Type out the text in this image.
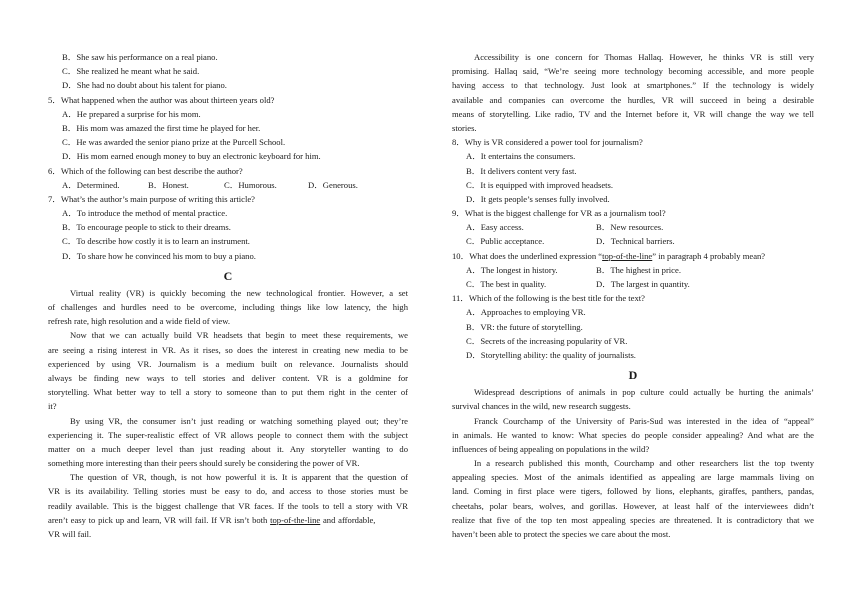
B．She saw his performance on a real piano.
C．She realized he meant what he said.
D．She had no doubt about his talent for piano.
5．What happened when the author was about thirteen years old?
A．He prepared a surprise for his mom.
B．His mom was amazed the first time he played for her.
C．He was awarded the senior piano prize at the Purcell School.
D．His mom earned enough money to buy an electronic keyboard for him.
6．Which of the following can best describe the author?
A．Determined.	B．Honest.	C．Humorous.	D．Generous.
7．What’s the author’s main purpose of writing this article?
A．To introduce the method of mental practice.
B．To encourage people to stick to their dreams.
C．To describe how costly it is to learn an instrument.
D．To share how he convinced his mom to buy a piano.
C
Virtual reality (VR) is quickly becoming the new technological frontier. However, a set
of challenges and hurdles need to be overcome, including things like low latency, the high
refresh rate, high resolution and a wide field of view.
Now that we can actually build VR headsets that begin to meet these requirements, we
are seeing a rising interest in VR. As it rises, so does the interest in creating new media to be
experienced by using VR. Journalism is a medium built on relevance. Journalists should
always be finding new ways to tell stories and deliver content. VR is a goldmine for
storytelling. What better way to tell a story to someone than to put them right in the center of
it?
By using VR, the consumer isn’t just reading or watching something played out; they’re
experiencing it. The super-realistic effect of VR allows people to connect them with the subject
matter on a much deeper level than just reading about it. Any storyteller wanting to do
something more interesting than their peers should surely be considering the power of VR.
The question of VR, though, is not how powerful it is. It is apparent that the question of
VR is its availability. Telling stories must be easy to do, and access to those stories must be
readily available. This is the biggest challenge that VR faces. If the tools to tell a story with VR
aren’t easy to pick up and learn, VR will fail. If VR isn’t both top-of-the-line and affordable,
VR will fail.
Accessibility is one concern for Thomas Hallaq. However, he thinks VR is still very
promising. Hallaq said, “We’re seeing more technology becoming accessible, and more people
having access to that technology. Just look at smartphones.” If the technology is widely
available and companies can overcome the hurdles, VR will succeed in being a desirable
means of storytelling. Like radio, TV and the Internet before it, VR will change the way we tell
stories.
8．Why is VR considered a power tool for journalism?
A．It entertains the consumers.
B．It delivers content very fast.
C．It is equipped with improved headsets.
D．It gets people’s senses fully involved.
9．What is the biggest challenge for VR as a journalism tool?
A．Easy access.	B．New resources.
C．Public acceptance.	D．Technical barriers.
10．What does the underlined expression “top-of-the-line” in paragraph 4 probably mean?
A．The longest in history.	B．The highest in price.
C．The best in quality.	D．The largest in quantity.
11．Which of the following is the best title for the text?
A．Approaches to employing VR.
B．VR: the future of storytelling.
C．Secrets of the increasing popularity of VR.
D．Storytelling ability: the quality of journalists.
D
Widespread descriptions of animals in pop culture could actually be hurting the animals’
survival chances in the wild, new research suggests.
Franck Courchamp of the University of Paris-Sud was interested in the idea of “appeal”
in animals. He wanted to know: What species do people consider appealing? And what are the
influences of being appealing on populations in the wild?
In a research published this month, Courchamp and other researchers list the top twenty
appealing species. Most of the animals identified as appealing are large mammals living on
land. Coming in first place were tigers, followed by lions, elephants, giraffes, panthers, pandas,
cheetahs, polar bears, wolves, and gorillas. However, at least half of the interviewees didn’t
realize that five of the top ten most appealing species are threatened. It is contradictory that we
haven’t been able to protect the species we care about the most.
